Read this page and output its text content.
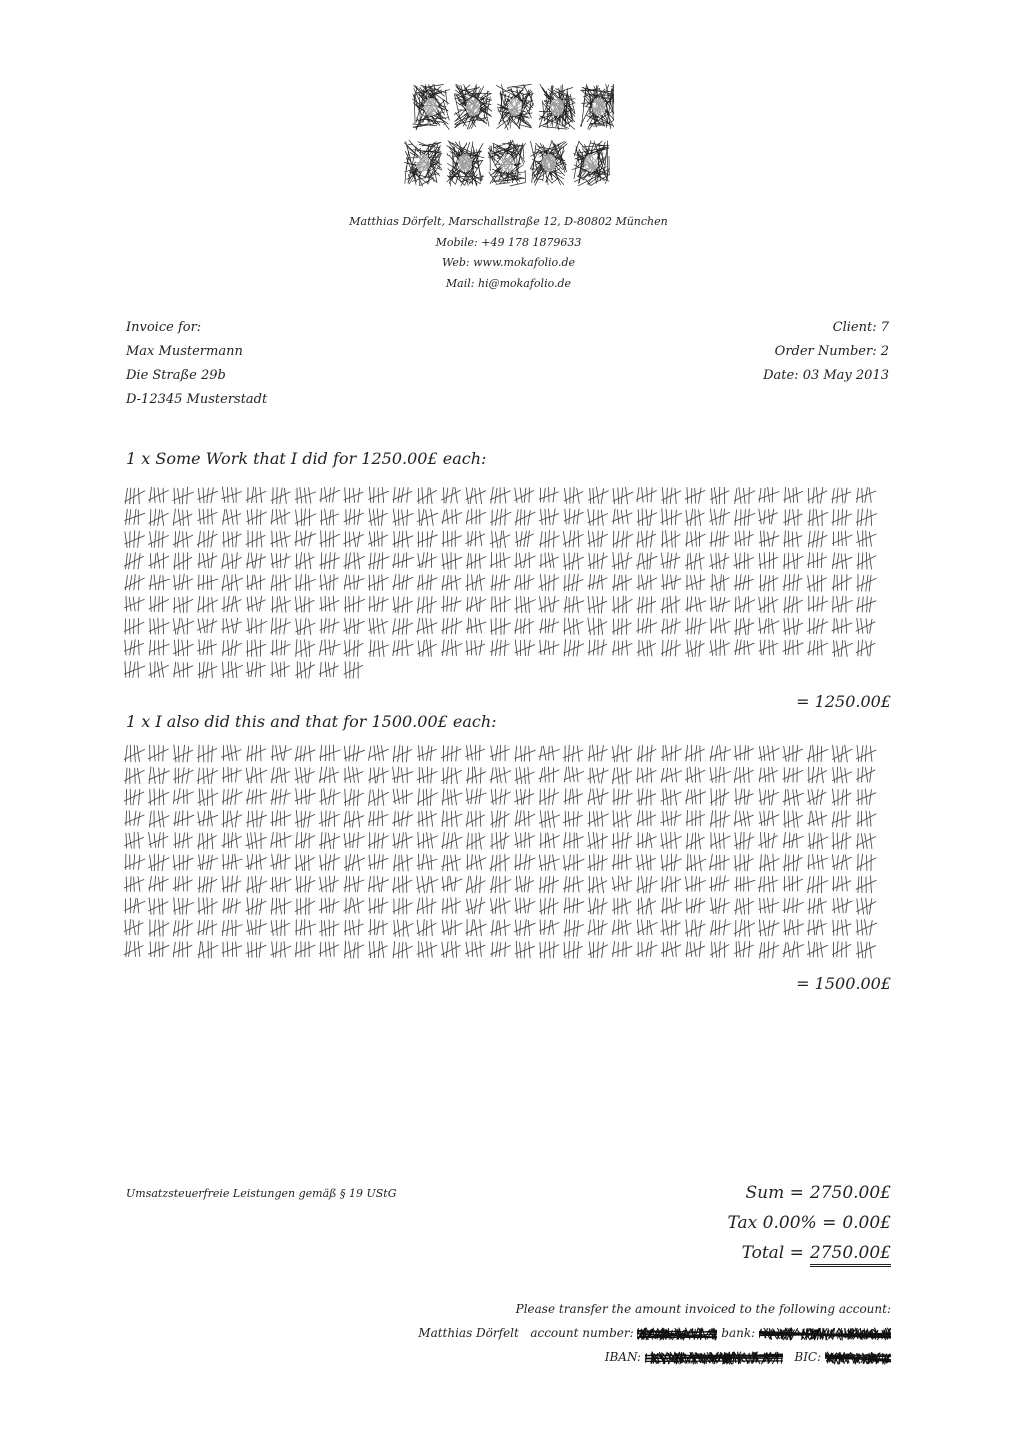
Matthias Dörfelt, Marschallstraße 12, D-80802 München
Mobile: +49 178 1879633
Web: www.mokafolio.de
Mail: hi@mokafolio.de
Invoice for:
Max Mustermann
Die Straße 29b
D-12345 Musterstadt
Client: 7
Order Number: 2
Date: 03 May 2013
1 x Some Work that I did for 1250.00£ each:
= 1250.00£
1 x I also did this and that for 1500.00£ each:
= 1500.00£
Umsatzsteuerfreie Leistungen gemäß § 19 UStG	Sum = 2750.00£
Tax 0.00% = 0.00£
Total = 2750.00£
Please transfer the amount invoiced to the following account:
Matthias Dörfelt account number:	bank:
IBAN:	BIC:
